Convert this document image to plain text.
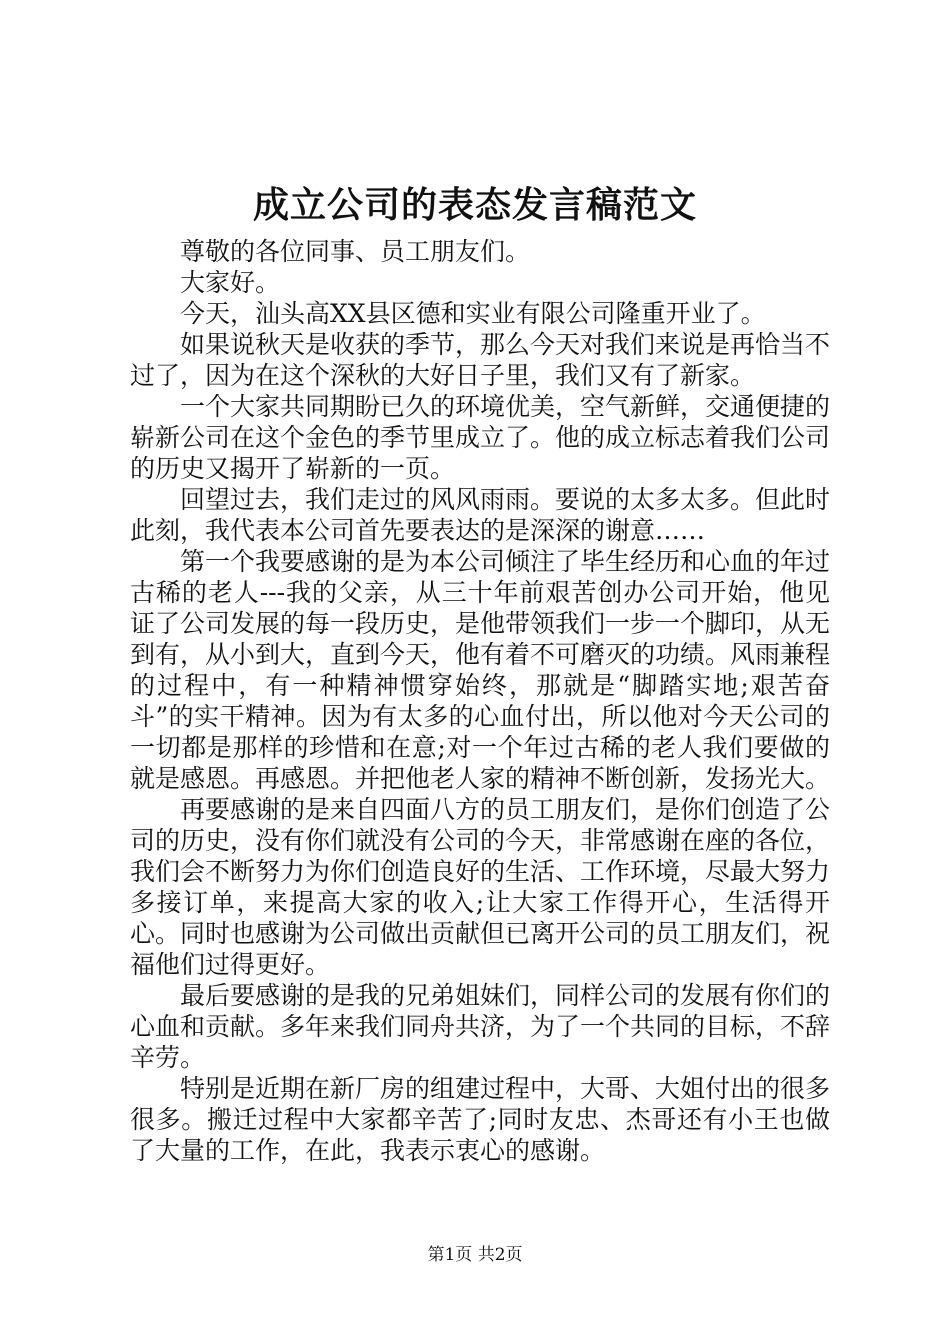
成立公司的表态发言稿范文

尊敬的各位同事、员工朋友们。

大家好。

今天，汕头高XX县区德和实业有限公司隆重开业了。

如果说秋天是收获的季节，那么今天对我们来说是再恰当不过了，因为在这个深秋的大好日子里，我们又有了新家。

一个大家共同期盼已久的环境优美，空气新鲜，交通便捷的崭新公司在这个金色的季节里成立了。他的成立标志着我们公司的历史又揭开了崭新的一页。

回望过去，我们走过的风风雨雨。要说的太多太多。但此时此刻，我代表本公司首先要表达的是深深的谢意……

第一个我要感谢的是为本公司倾注了毕生经历和心血的年过古稀的老人---我的父亲，从三十年前艰苦创办公司开始，他见证了公司发展的每一段历史，是他带领我们一步一个脚印，从无到有，从小到大，直到今天，他有着不可磨灭的功绩。风雨兼程的过程中，有一种精神惯穿始终，那就是“脚踏实地;艰苦奋斗”的实干精神。因为有太多的心血付出，所以他对今天公司的一切都是那样的珍惜和在意;对一个年过古稀的老人我们要做的就是感恩。再感恩。并把他老人家的精神不断创新，发扬光大。

再要感谢的是来自四面八方的员工朋友们，是你们创造了公司的历史，没有你们就没有公司的今天，非常感谢在座的各位，我们会不断努力为你们创造良好的生活、工作环境，尽最大努力多接订单，来提高大家的收入;让大家工作得开心，生活得开心。同时也感谢为公司做出贡献但已离开公司的员工朋友们，祝福他们过得更好。

最后要感谢的是我的兄弟姐妹们，同样公司的发展有你们的心血和贡献。多年来我们同舟共济，为了一个共同的目标，不辞辛劳。

特别是近期在新厂房的组建过程中，大哥、大姐付出的很多很多。搬迁过程中大家都辛苦了;同时友忠、杰哥还有小王也做了大量的工作，在此，我表示衷心的感谢。

第1页 共2页
